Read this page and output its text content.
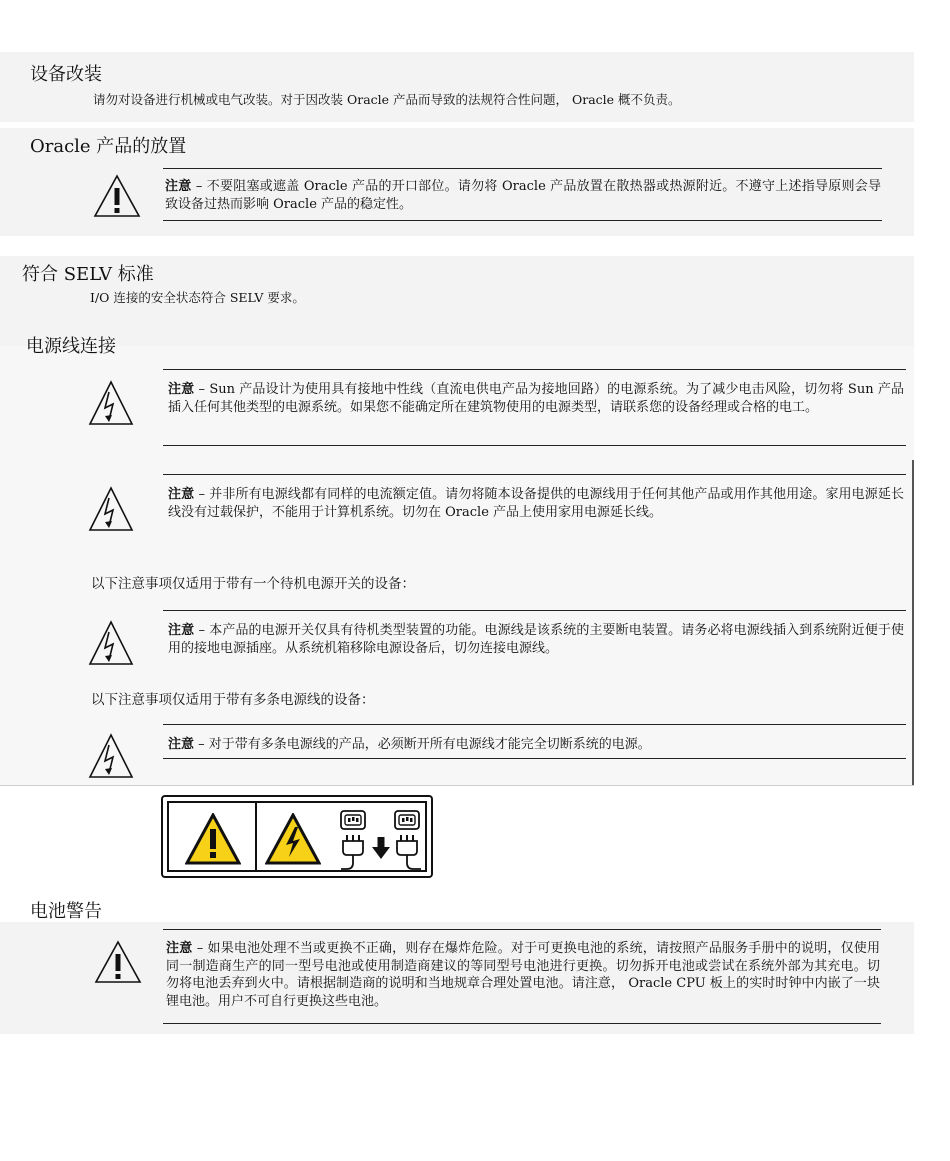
设备改装
请勿对设备进行机械或电气改装。对于因改装 Oracle 产品而导致的法规符合性问题， Oracle 概不负责。
Oracle 产品的放置
注意 – 不要阻塞或遮盖 Oracle 产品的开口部位。请勿将 Oracle 产品放置在散热器或热源附近。不遵守上述指导原则会导致设备过热而影响 Oracle 产品的稳定性。
符合 SELV 标准
I/O 连接的安全状态符合 SELV 要求。
电源线连接
注意 – Sun 产品设计为使用具有接地中性线（直流电供电产品为接地回路）的电源系统。为了减少电击风险，切勿将 Sun 产品插入任何其他类型的电源系统。如果您不能确定所在建筑物使用的电源类型，请联系您的设备经理或合格的电工。
注意 – 并非所有电源线都有同样的电流额定值。请勿将随本设备提供的电源线用于任何其他产品或用作其他用途。家用电源延长线没有过载保护，不能用于计算机系统。切勿在 Oracle 产品上使用家用电源延长线。
以下注意事项仅适用于带有一个待机电源开关的设备：
注意 – 本产品的电源开关仅具有待机类型装置的功能。电源线是该系统的主要断电装置。请务必将电源线插入到系统附近便于使用的接地电源插座。从系统机箱移除电源设备后，切勿连接电源线。
以下注意事项仅适用于带有多条电源线的设备：
注意 – 对于带有多条电源线的产品，必须断开所有电源线才能完全切断系统的电源。
电池警告
注意 – 如果电池处理不当或更换不正确，则存在爆炸危险。对于可更换电池的系统，请按照产品服务手册中的说明，仅使用同一制造商生产的同一型号电池或使用制造商建议的等同型号电池进行更换。切勿拆开电池或尝试在系统外部为其充电。切勿将电池丢弃到火中。请根据制造商的说明和当地规章合理处置电池。请注意， Oracle CPU 板上的实时时钟中内嵌了一块锂电池。用户不可自行更换这些电池。
